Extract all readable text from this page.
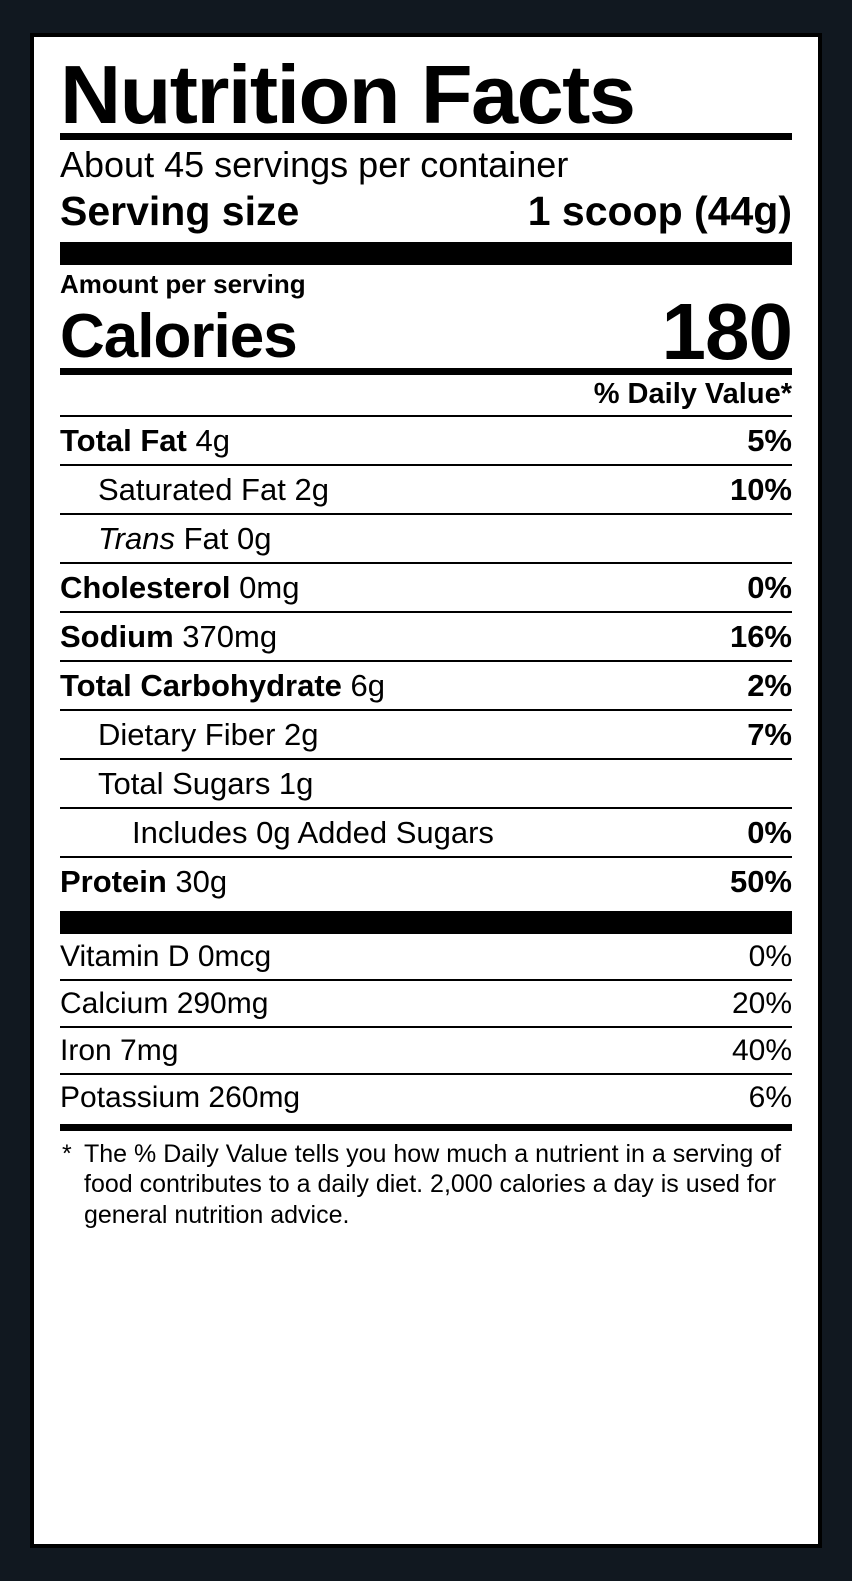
Nutrition Facts
About 45 servings per container
Serving size	1 scoop (44g)
Amount per serving
Calories	180
% Daily Value*
Total Fat 4g	5%
Saturated Fat 2g	10%
Trans Fat 0g
Cholesterol 0mg	0%
Sodium 370mg	16%
Total Carbohydrate 6g	2%
Dietary Fiber 2g	7%
Total Sugars 1g
Includes 0g Added Sugars	0%
Protein 30g	50%
Vitamin D 0mcg	0%
Calcium 290mg	20%
Iron 7mg	40%
Potassium 260mg	6%
* The % Daily Value tells you how much a nutrient in a serving of food contributes to a daily diet. 2,000 calories a day is used for general nutrition advice.
